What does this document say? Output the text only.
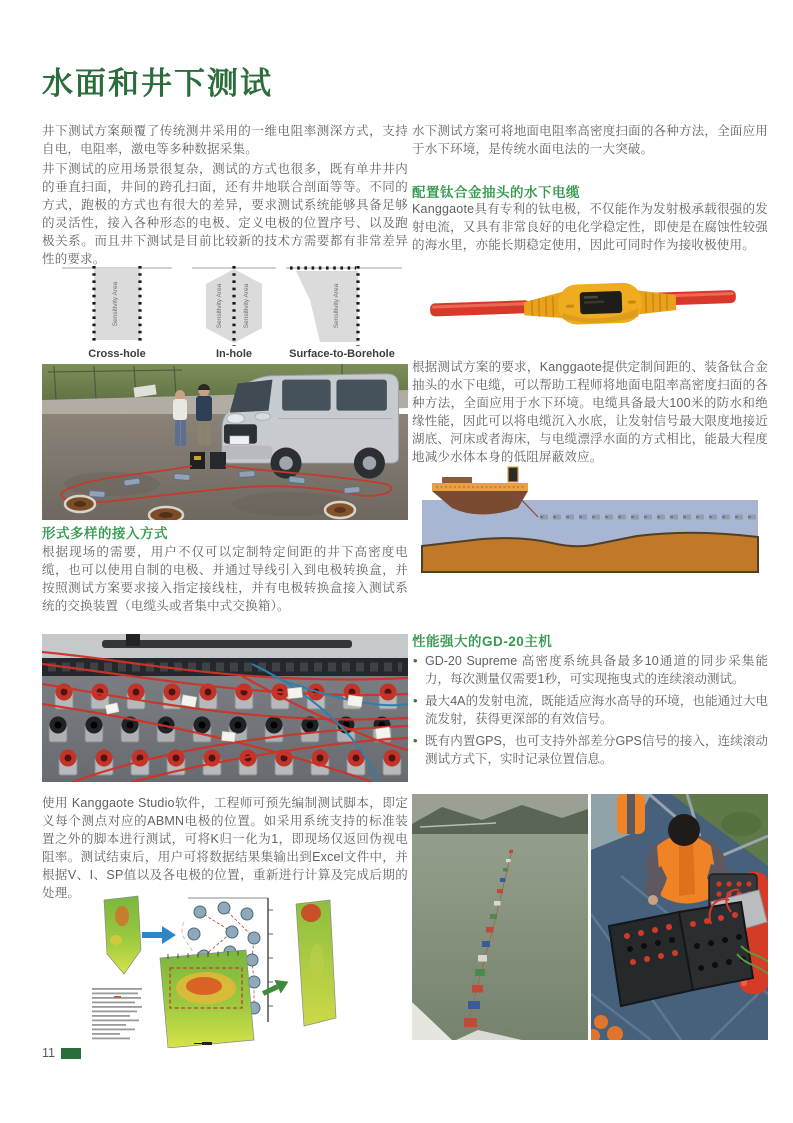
水面和井下测试

井下测试方案颠覆了传统测井采用的一维电阻率测深方式，支持自电，电阻率，激电等多种数据采集。

井下测试的应用场景很复杂，测试的方式也很多，既有单井井内的垂直扫面，井间的跨孔扫面，还有井地联合剖面等等。不同的方式，跑极的方式也有很大的差异，要求测试系统能够具备足够的灵活性，接入各种形态的电极、定义电极的位置序号、以及跑极关系。而且井下测试是目前比较新的技术方需要都有非常差异性的要求。

Sensitivity Area	Sensitivity Area	Sensitivity Area	Sensitivity Area
Cross-hole	In-hole	Surface-to-Borehole
形式多样的接入方式

根据现场的需要，用户不仅可以定制特定间距的井下高密度电缆，也可以使用自制的电极、并通过导线引入到电极转换盒，并按照测试方案要求接入指定接线柱，并有电极转换盒接入测试系统的交换装置（电缆头或者集中式交换箱）。

使用 Kanggaote Studio软件，工程师可预先编制测试脚本，即定义每个测点对应的ABMN电极的位置。如采用系统支持的标准装置之外的脚本进行测试，可将K归一化为1，即现场仅返回伪视电阻率。测试结束后，用户可将数据结果集输出到Excel文件中，并根据V、I、SP值以及各电极的位置，重新进行计算及完成后期的处理。

水下测试方案可将地面电阻率高密度扫面的各种方法，全面应用于水下环境，是传统水面电法的一大突破。

配置钛合金抽头的水下电缆

Kanggaote具有专利的钛电极，不仅能作为发射极承载很强的发射电流，又具有非常良好的电化学稳定性，即使是在腐蚀性较强的海水里，亦能长期稳定使用，因此可同时作为接收极使用。

根据测试方案的要求，Kanggaote提供定制间距的、装备钛合金抽头的水下电缆，可以帮助工程师将地面电阻率高密度扫面的各种方法，全面应用于水下环境。电缆具备最大100米的防水和绝缘性能，因此可以将电缆沉入水底，让发射信号最大限度地接近湖底、河床或者海床，与电缆漂浮水面的方式相比，能最大程度地减少水体本身的低阻屏蔽效应。

性能强大的GD-20主机
• GD-20 Supreme 高密度系统具备最多10通道的同步采集能力，每次测量仅需要1秒，可实现拖曳式的连续滚动测试。
• 最大4A的发射电流，既能适应海水高导的环境，也能通过大电流发射，获得更深部的有效信号。
• 既有内置GPS，也可支持外部差分GPS信号的接入，连续滚动测试方式下，实时记录位置信息。
11
